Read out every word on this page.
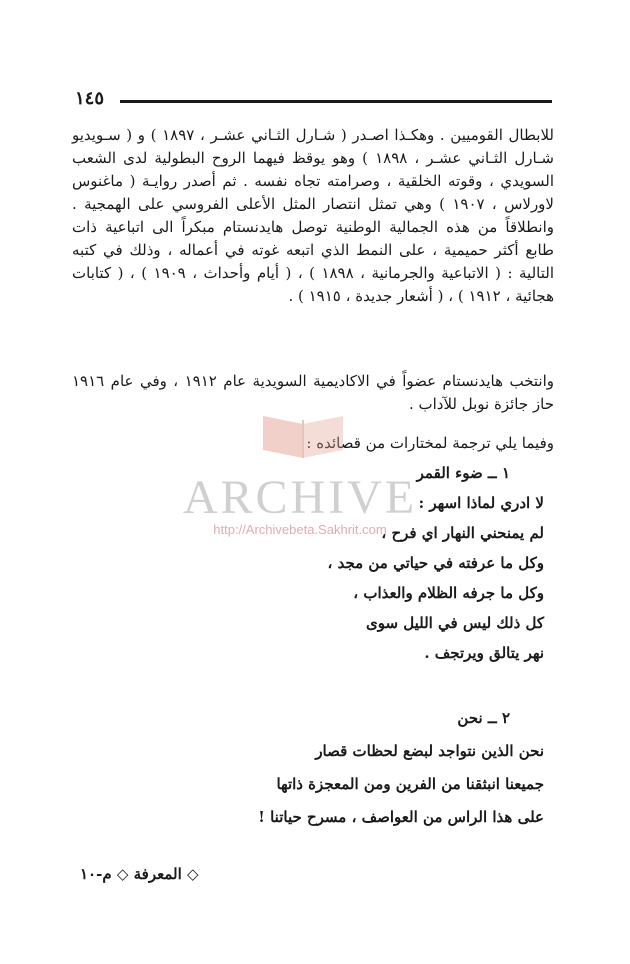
١٤٥

للابطال القوميين . وهكـذا اصـدر ( شـارل الثـاني عشـر ، ١٨٩٧ ) و ( سـويديو شـارل الثـاني عشـر ، ١٨٩٨ ) وهو يوقظ فيهما الروح البطولية لدى الشعب السويدي ، وقوته الخلقية ، وصرامته تجاه نفسه . ثم أصدر روايـة ( ماغنوس لاورلاس ، ١٩٠٧ ) وهي تمثل انتصار المثل الأعلى الفروسي على الهمجية . وانطلاقاً من هذه الجمالية الوطنية توصل هايدنستام مبكراً الى اتباعية ذات طابع أكثر حميمية ، على النمط الذي اتبعه غوته في أعماله ، وذلك في كتبه التالية : ( الاتباعية والجرمانية ، ١٨٩٨ ) ، ( أيام وأحداث ، ١٩٠٩ ) ، ( كتابات هجائية ، ١٩١٢ ) ، ( أشعار جديدة ، ١٩١٥ ) .

وانتخب هايدنستام عضواً في الاكاديمية السويدية عام ١٩١٢ ، وفي عام ١٩١٦ حاز جائزة نوبل للآداب .

وفيما يلي ترجمة لمختارات من قصائده :

١ ــ ضوء القمر
لا ادري لماذا اسهر :
لم يمنحني النهار اي فرح ،
وكل ما عرفته في حياتي من مجد ،
وكل ما جرفه الظلام والعذاب ،
كل ذلك ليس في الليل سوى
نهر يتالق ويرتجف .
٢ ــ نحن
نحن الذين نتواجد لبضع لحظات قصار
جميعنا انبثقنا من الفرين ومن المعجزة ذاتها
على هذا الراس من العواصف ، مسرح حياتنا !
ARCHIVE
http://Archivebeta.Sakhrit.com
◇ المعرفة ◇ م-١٠
